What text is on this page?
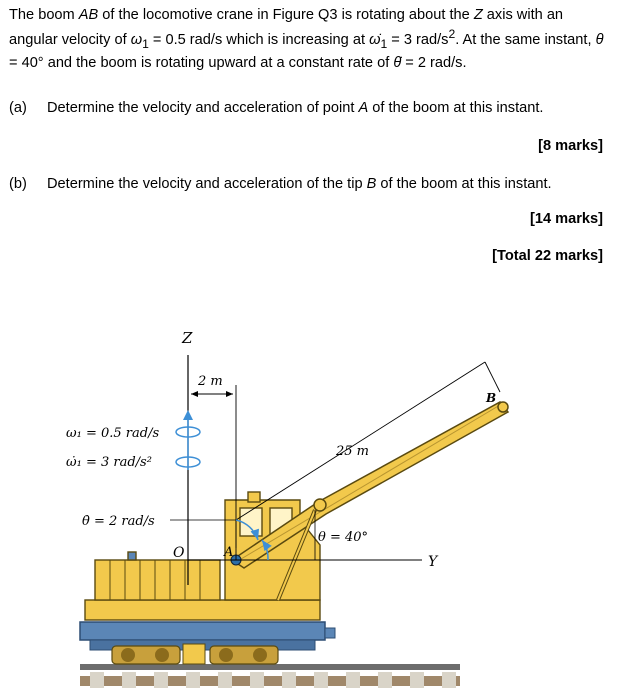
The boom AB of the locomotive crane in Figure Q3 is rotating about the Z axis with an angular velocity of $\omega_1 = 0.5$ rad/s which is increasing at $\omegȧ_1 = 3$ rad/$s^2$. At the same instant, θ = 40° and the boom is rotating upward at a constant rate of θ̇ = 2 rad/s.
(a) Determine the velocity and acceleration of point A of the boom at this instant.
[8 marks]
(b) Determine the velocity and acceleration of the tip B of the boom at this instant.
[14 marks]
[Total 22 marks]
Z
Y
O	A
B
2 m
25 m
θ = 40°
ω₁ = 0.5 rad/s
ω̇₁ = 3 rad/s²
θ̇ = 2 rad/s
